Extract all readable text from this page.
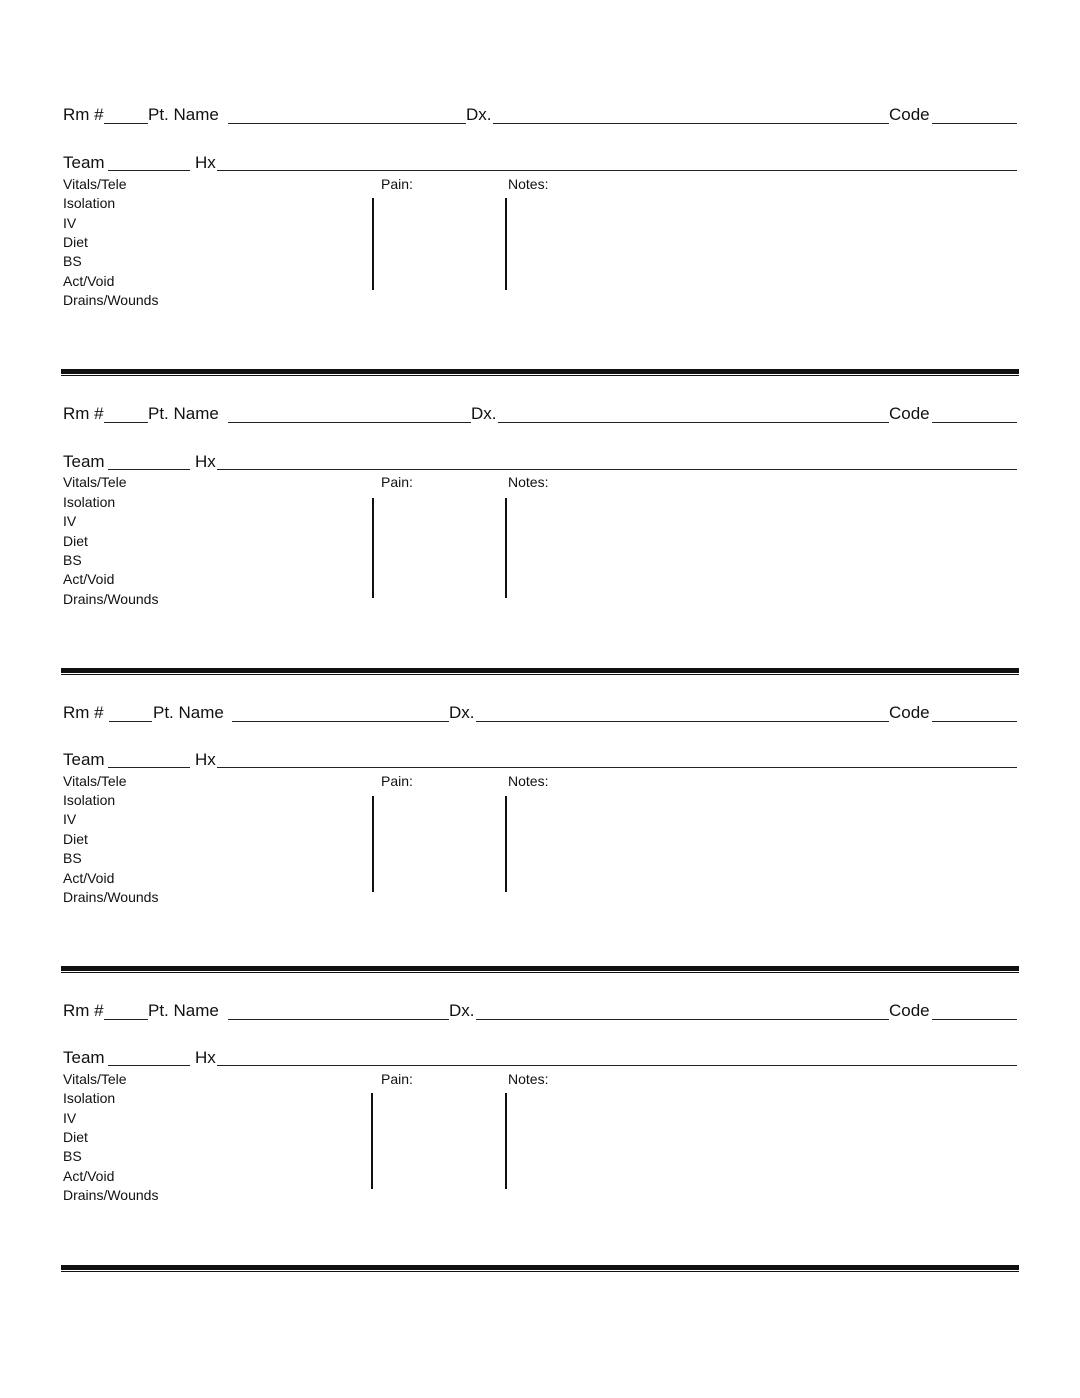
Rm #	Pt. Name	Dx.	Code
Team	Hx
Vitals/Tele
Isolation
IV
Diet
BS
Act/Void
Drains/Wounds
Pain:	Notes:
Rm #	Pt. Name	Dx.	Code
Team	Hx
Vitals/Tele
Isolation
IV
Diet
BS
Act/Void
Drains/Wounds
Pain:	Notes:
Rm #	Pt. Name	Dx.	Code
Team	Hx
Vitals/Tele
Isolation
IV
Diet
BS
Act/Void
Drains/Wounds
Pain:	Notes:
Rm #	Pt. Name	Dx.	Code
Team	Hx
Vitals/Tele
Isolation
IV
Diet
BS
Act/Void
Drains/Wounds
Pain:	Notes:
